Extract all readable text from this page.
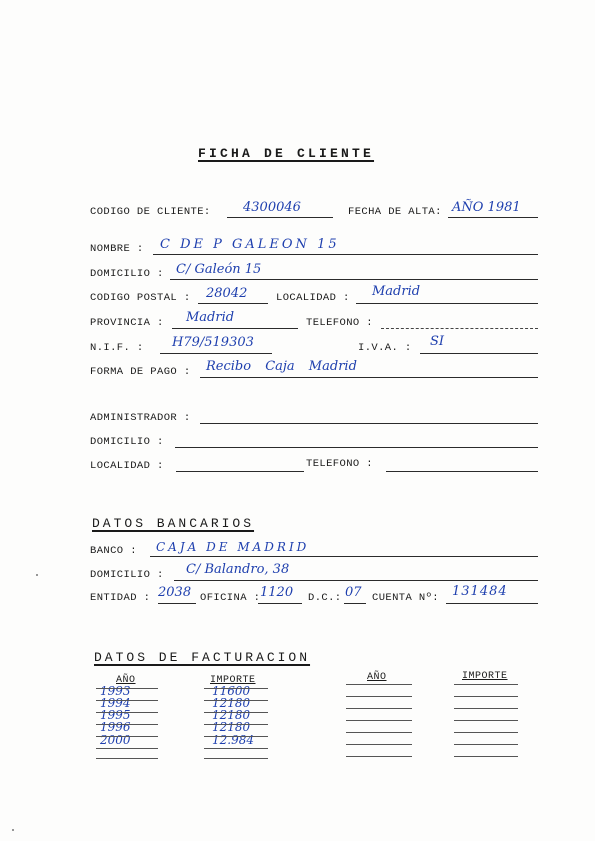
FICHA DE CLIENTE
CODIGO DE CLIENTE: 4300046	FECHA DE ALTA: AÑO 1981
NOMBRE : C DE P GALEON 15
DOMICILIO : C/ Galeón 15
CODIGO POSTAL : 28042	LOCALIDAD : Madrid
PROVINCIA : Madrid	TELEFONO :
N.I.F. : H79/519303	I.V.A. : SI
FORMA DE PAGO : Recibo Caja Madrid
ADMINISTRADOR :
DOMICILIO :
LOCALIDAD :	TELEFONO :
DATOS BANCARIOS
BANCO : CAJA DE MADRID
DOMICILIO : C/ Balandro, 38
ENTIDAD : 2038 OFICINA : 1120 D.C.: 07 CUENTA Nº: 131484
DATOS DE FACTURACION
AÑO	IMPORTE	AÑO	IMPORTE
1993	11600
1994	12180
1995	12180
1996	12180
2000	12.984
